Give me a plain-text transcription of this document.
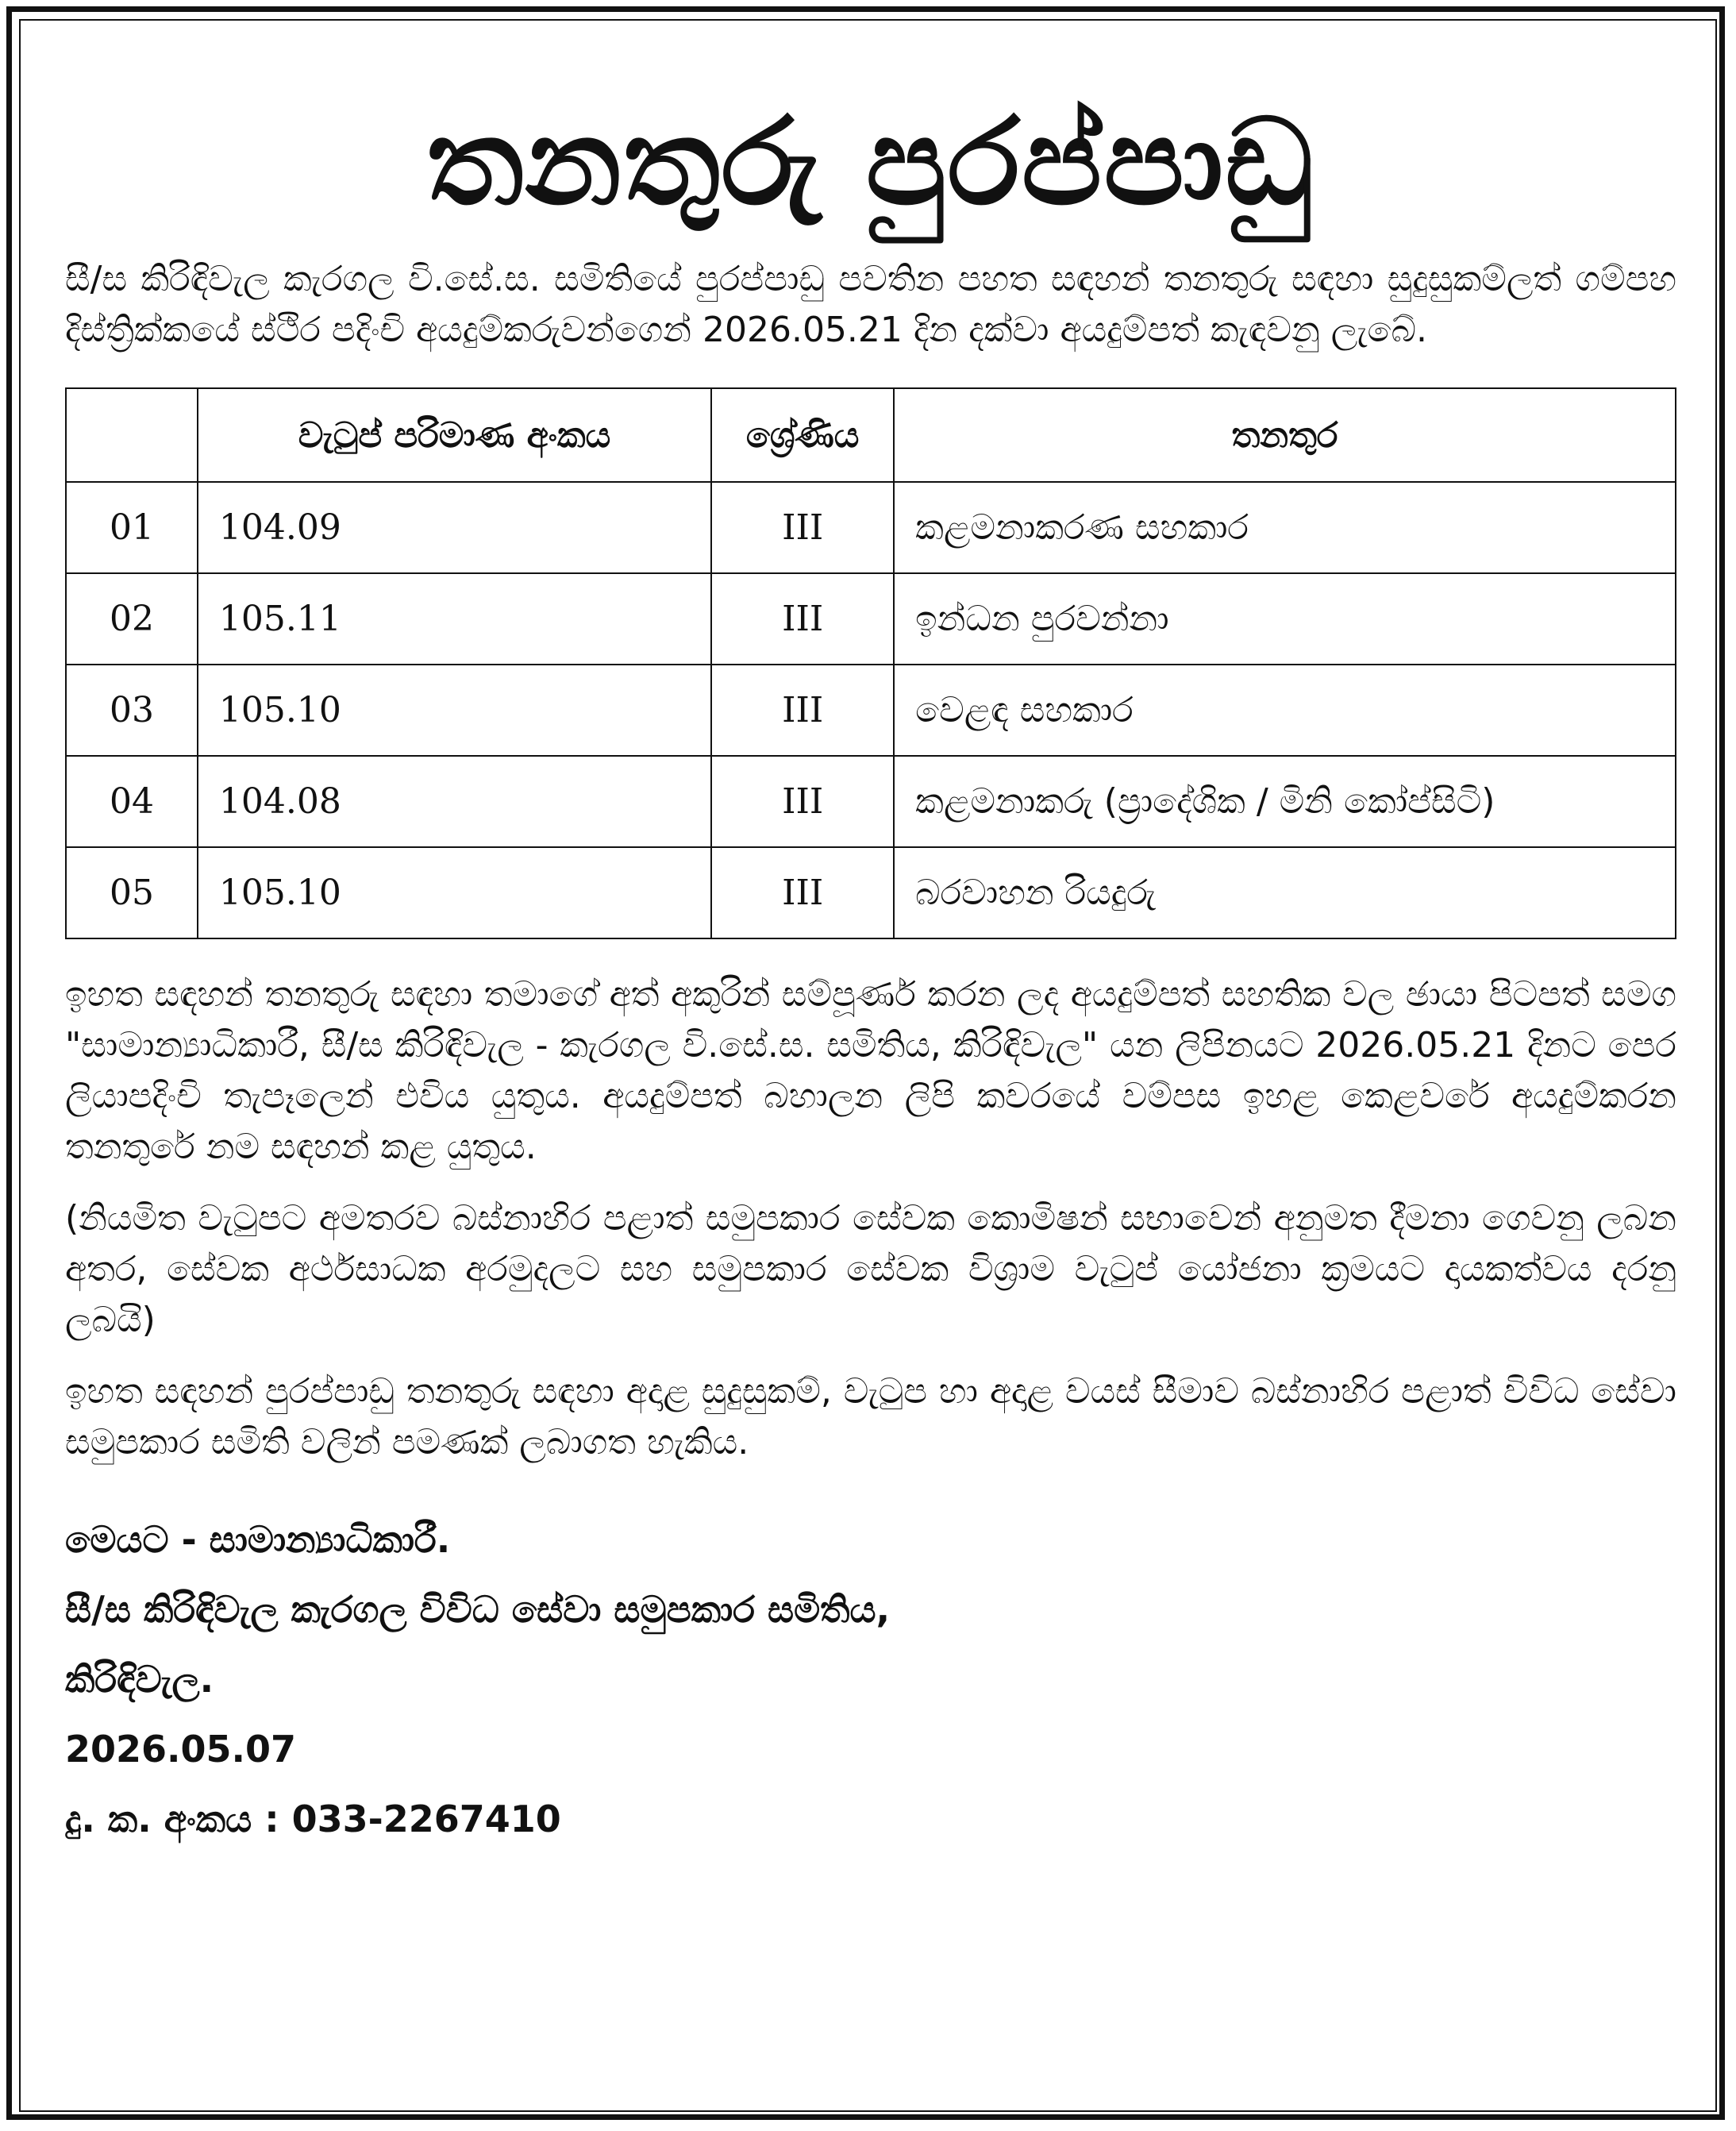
තනතුරු පුරප්පාඩු

සී/ස කිරිඳිවැල කැරගල වි.සේ.ස. සමිතියේ පුරප්පාඩු පවතින පහත සඳහන් තනතුරු සඳහා සුදුසුකම්ලත් ගම්පහ දිස්ත්‍රික්කයේ ස්ථිර පදිංචි අයදුම්කරුවන්ගෙන් 2026.05.21 දින දක්වා අයදුම්පත් කැඳවනු ලැබේ.

	වැටුප් පරිමාණ අංකය	ශ්‍රේණිය	තනතුර
01	104.09	III	කළමනාකරණ සහකාර
02	105.11	III	ඉන්ධන පුරවන්නා
03	105.10	III	වෙළඳ සහකාර
04	104.08	III	කළමනාකරු (ප්‍රාදේශික / මිනි කෝප්සිටි)
05	105.10	III	බරවාහන රියදුරු

ඉහත සඳහන් තනතුරු සඳහා තමාගේ අත් අකුරින් සම්පූර්ණ කරන ලද අයදුම්පත් සහතික වල ඡායා පිටපත් සමග "සාමාන්‍යාධිකාරී, සී/ස කිරිඳිවැල - කැරගල වි.සේ.ස. සමිතිය, කිරිඳිවැල" යන ලිපිනයට 2026.05.21 දිනට පෙර ලියාපදිංචි තැපෑලෙන් එවිය යුතුය. අයදුම්පත් බහාලන ලිපි කවරයේ වම්පස ඉහළ කෙළවරේ අයදුම්කරන තනතුරේ නම සඳහන් කළ යුතුය.

(නියමිත වැටුපට අමතරව බස්නාහිර පළාත් සමුපකාර සේවක කොමිෂන් සභාවෙන් අනුමත දීමනා ගෙවනු ලබන අතර, සේවක අර්ථසාධක අරමුදලට සහ සමුපකාර සේවක විශ්‍රාම වැටුප් යෝජනා ක්‍රමයට දායකත්වය දරනු ලබයි)

ඉහත සඳහන් පුරප්පාඩු තනතුරු සඳහා අදාළ සුදුසුකම්, වැටුප හා අදාළ වයස් සීමාව බස්නාහිර පළාත් විවිධ සේවා සමුපකාර සමිති වලින් පමණක් ලබාගත හැකිය.

මෙයට - සාමාන්‍යාධිකාරී.
සී/ස කිරිඳිවැල කැරගල විවිධ සේවා සමුපකාර සමිතිය,
කිරිඳිවැල.
2026.05.07
දු. ක. අංකය : 033-2267410
